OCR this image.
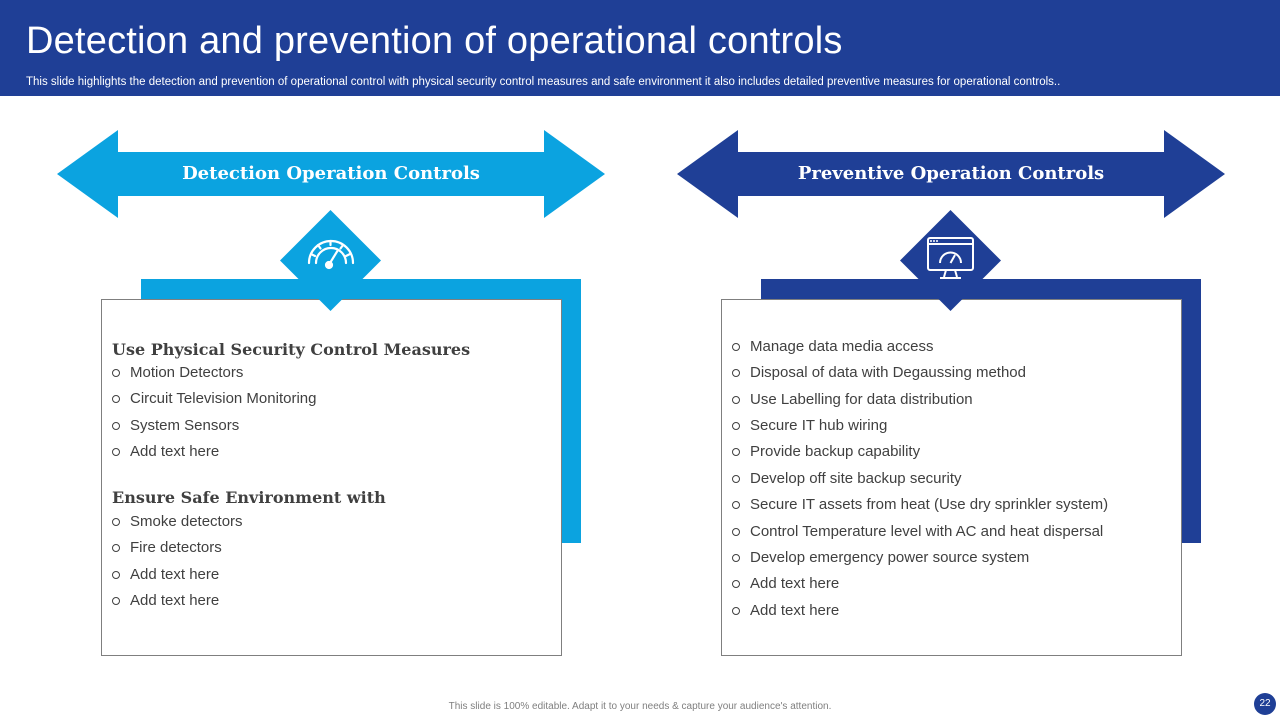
Detection and prevention of operational controls
This slide highlights the detection and prevention of operational control with physical security control measures and safe environment it also includes detailed preventive measures for operational controls..
Detection Operation Controls	Preventive Operation Controls
Use Physical Security Control Measures
Motion Detectors
Circuit Television Monitoring
System Sensors
Add text here
Ensure Safe Environment with
Smoke detectors
Fire detectors
Add text here
Add text here
Manage data media access
Disposal of data with Degaussing method
Use Labelling for data distribution
Secure IT hub wiring
Provide backup capability
Develop off site backup security
Secure IT assets from heat (Use dry sprinkler system)
Control Temperature level with AC and heat dispersal
Develop emergency power source system
Add text here
Add text here
This slide is 100% editable. Adapt it to your needs & capture your audience's attention.	22
